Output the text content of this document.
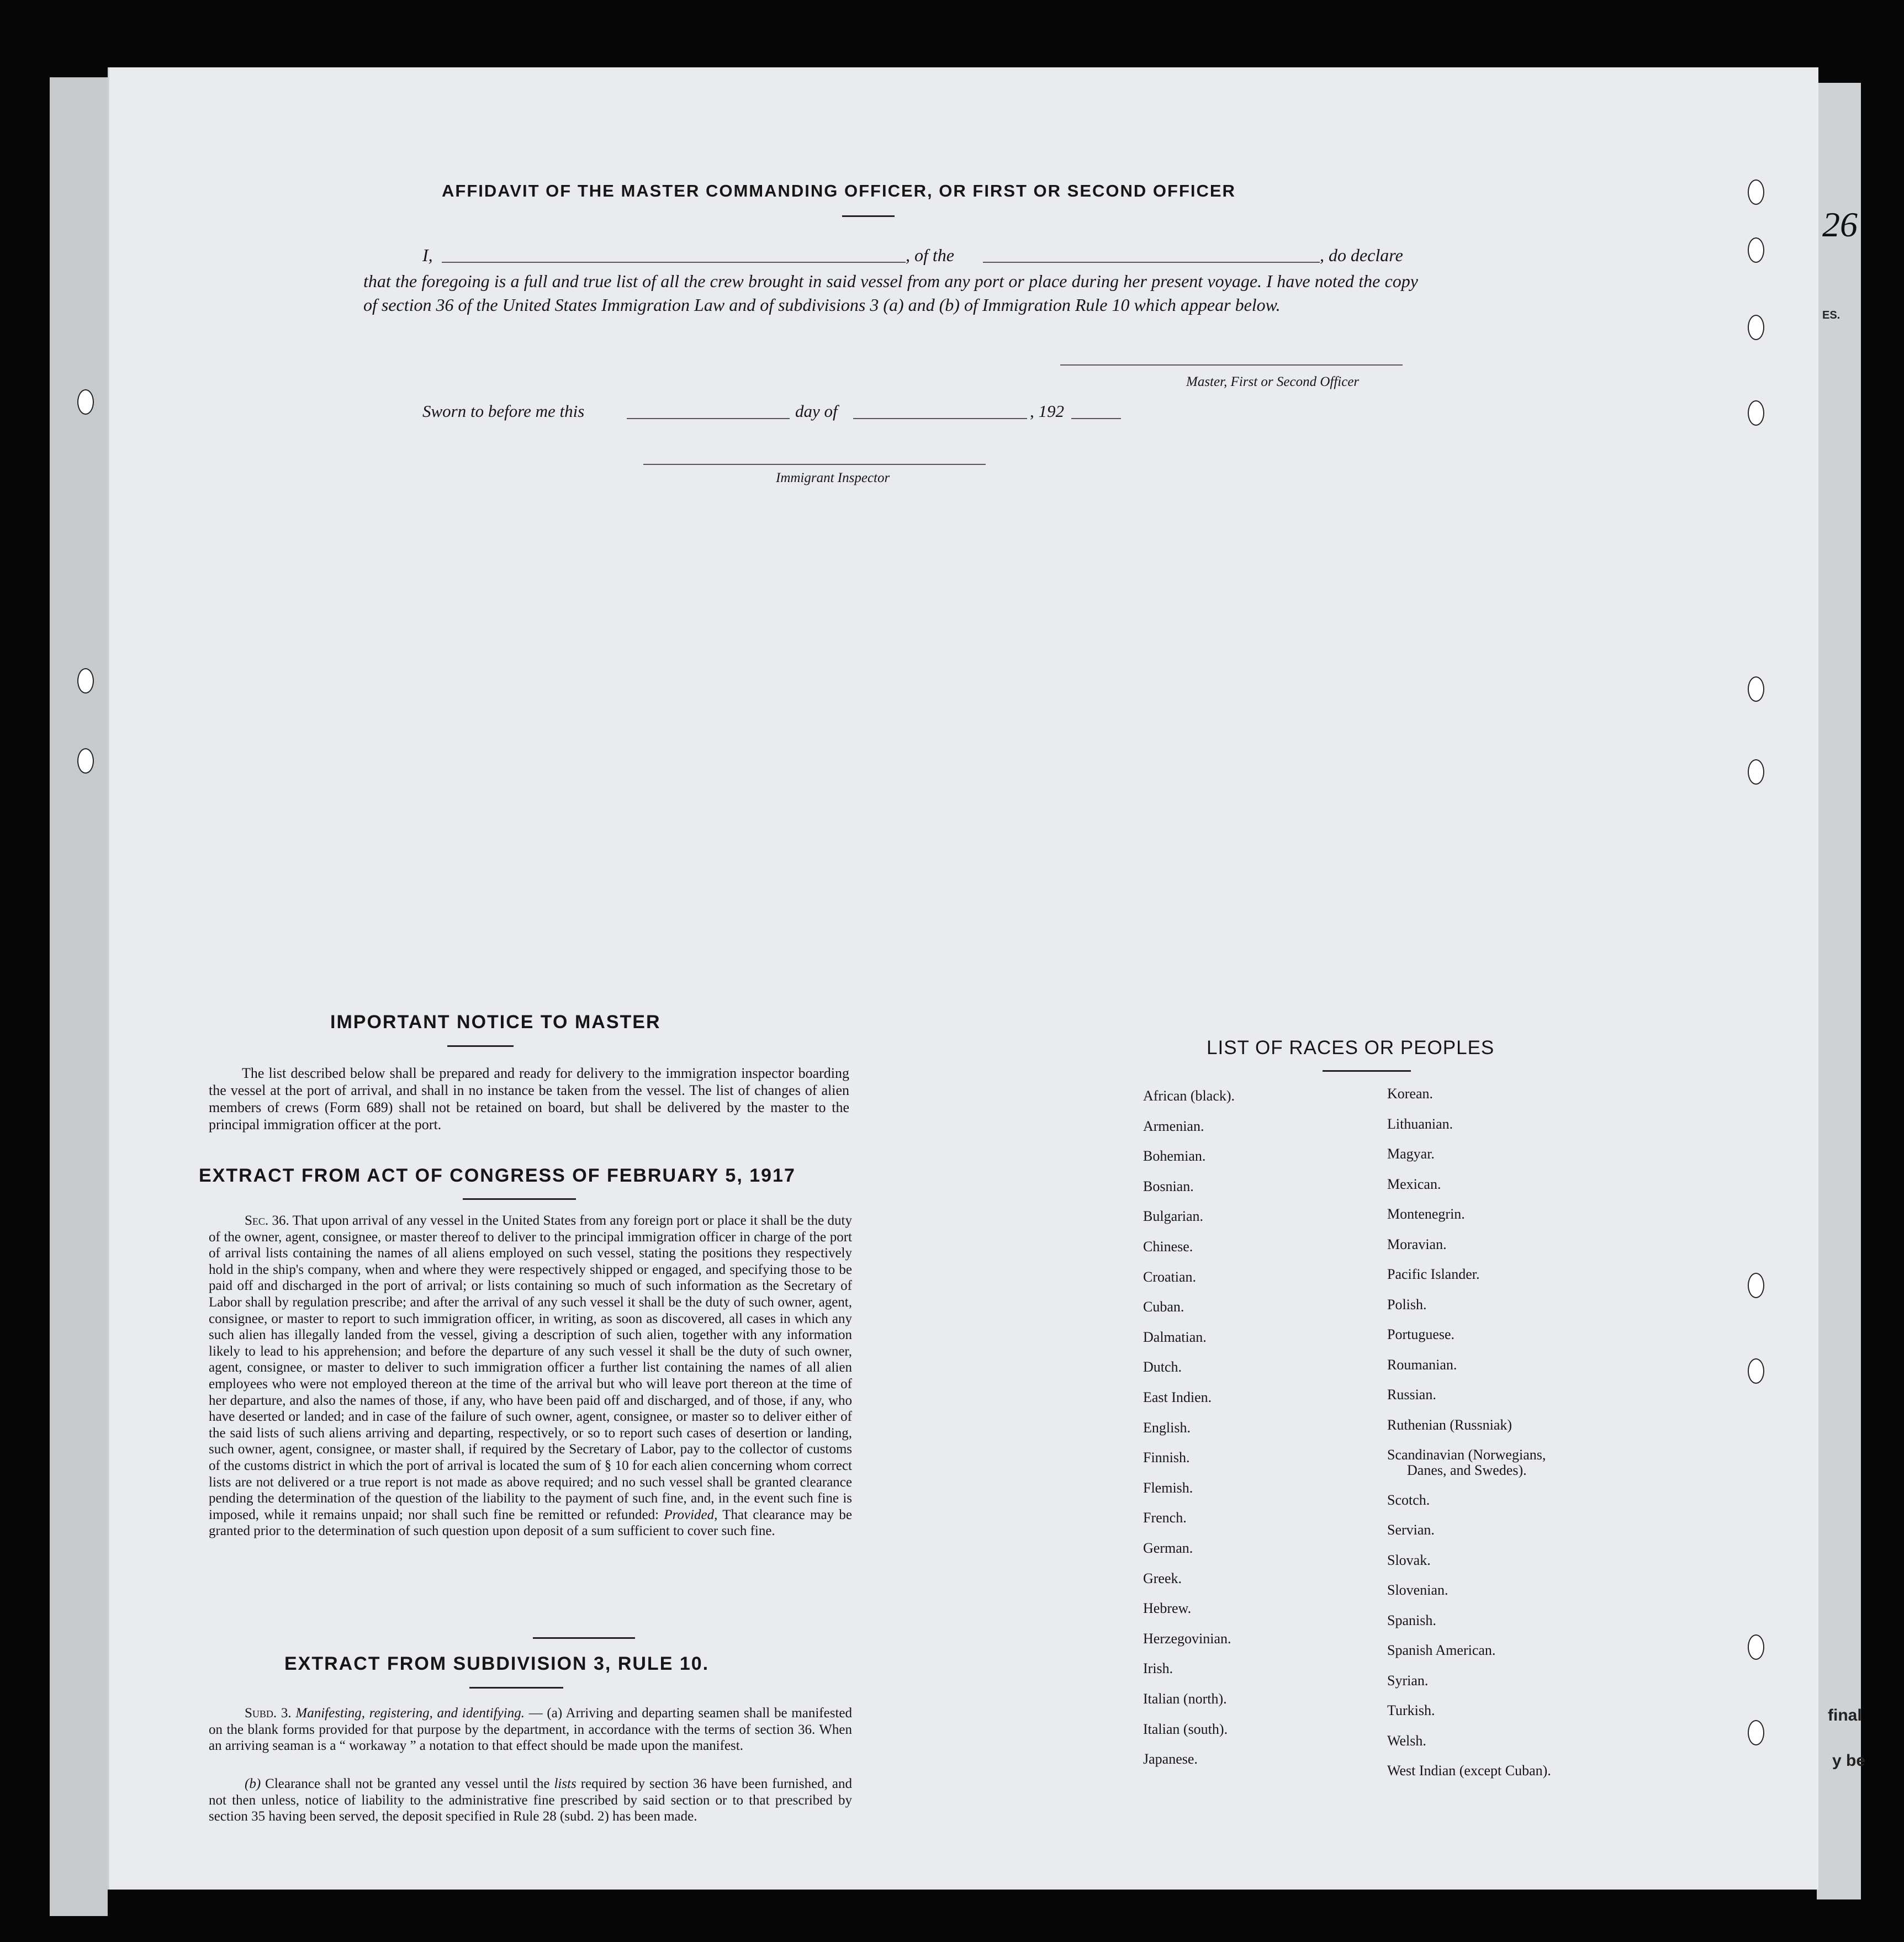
ES.
final
y be
26
AFFIDAVIT OF THE MASTER COMMANDING OFFICER, OR FIRST OR SECOND OFFICER
I,	, of the	, do declare

that the foregoing is a full and true list of all the crew brought in said vessel from any port or place during her present voyage. I have noted the copy of section 36 of the United States Immigration Law and of subdivisions 3 (a) and (b) of Immigration Rule 10 which appear below.

Master, First or Second Officer
Sworn to before me this	day of	, 192
Immigrant Inspector
IMPORTANT NOTICE TO MASTER

The list described below shall be prepared and ready for delivery to the immigration inspector boarding the vessel at the port of arrival, and shall in no instance be taken from the vessel. The list of changes of alien members of crews (Form 689) shall not be retained on board, but shall be delivered by the master to the principal immigration officer at the port.

EXTRACT FROM ACT OF CONGRESS OF FEBRUARY 5, 1917

Sec. 36. That upon arrival of any vessel in the United States from any foreign port or place it shall be the duty of the owner, agent, consignee, or master thereof to deliver to the principal immigration officer in charge of the port of arrival lists containing the names of all aliens employed on such vessel, stating the positions they respectively hold in the ship's company, when and where they were respectively shipped or engaged, and specifying those to be paid off and discharged in the port of arrival; or lists containing so much of such information as the Secretary of Labor shall by regulation prescribe; and after the arrival of any such vessel it shall be the duty of such owner, agent, consignee, or master to report to such immigration officer, in writing, as soon as discovered, all cases in which any such alien has illegally landed from the vessel, giving a description of such alien, together with any information likely to lead to his apprehension; and before the departure of any such vessel it shall be the duty of such owner, agent, consignee, or master to deliver to such immigration officer a further list containing the names of all alien employees who were not employed thereon at the time of the arrival but who will leave port thereon at the time of her departure, and also the names of those, if any, who have been paid off and discharged, and of those, if any, who have deserted or landed; and in case of the failure of such owner, agent, consignee, or master so to deliver either of the said lists of such aliens arriving and departing, respectively, or so to report such cases of desertion or landing, such owner, agent, consignee, or master shall, if required by the Secretary of Labor, pay to the collector of customs of the customs district in which the port of arrival is located the sum of § 10 for each alien concerning whom correct lists are not delivered or a true report is not made as above required; and no such vessel shall be granted clearance pending the determination of the question of the liability to the payment of such fine, and, in the event such fine is imposed, while it remains unpaid; nor shall such fine be remitted or refunded: Provided, That clearance may be granted prior to the determination of such question upon deposit of a sum sufficient to cover such fine.

EXTRACT FROM SUBDIVISION 3, RULE 10.

Subd. 3. Manifesting, registering, and identifying. — (a) Arriving and departing seamen shall be manifested on the blank forms provided for that purpose by the department, in accordance with the terms of section 36. When an arriving seaman is a “ workaway ” a notation to that effect should be made upon the manifest.

(b) Clearance shall not be granted any vessel until the lists required by section 36 have been furnished, and not then unless, notice of liability to the administrative fine prescribed by said section or to that prescribed by section 35 having been served, the deposit specified in Rule 28 (subd. 2) has been made.

LIST OF RACES OR PEOPLES
African (black).
Armenian.
Bohemian.
Bosnian.
Bulgarian.
Chinese.
Croatian.
Cuban.
Dalmatian.
Dutch.
East Indien.
English.
Finnish.
Flemish.
French.
German.
Greek.
Hebrew.
Herzegovinian.
Irish.
Italian (north).
Italian (south).
Japanese.
Korean.
Lithuanian.
Magyar.
Mexican.
Montenegrin.
Moravian.
Pacific Islander.
Polish.
Portuguese.
Roumanian.
Russian.
Ruthenian (Russniak)
Scandinavian (Norwegians,
Danes, and Swedes).
Scotch.
Servian.
Slovak.
Slovenian.
Spanish.
Spanish American.
Syrian.
Turkish.
Welsh.
West Indian (except Cuban).
